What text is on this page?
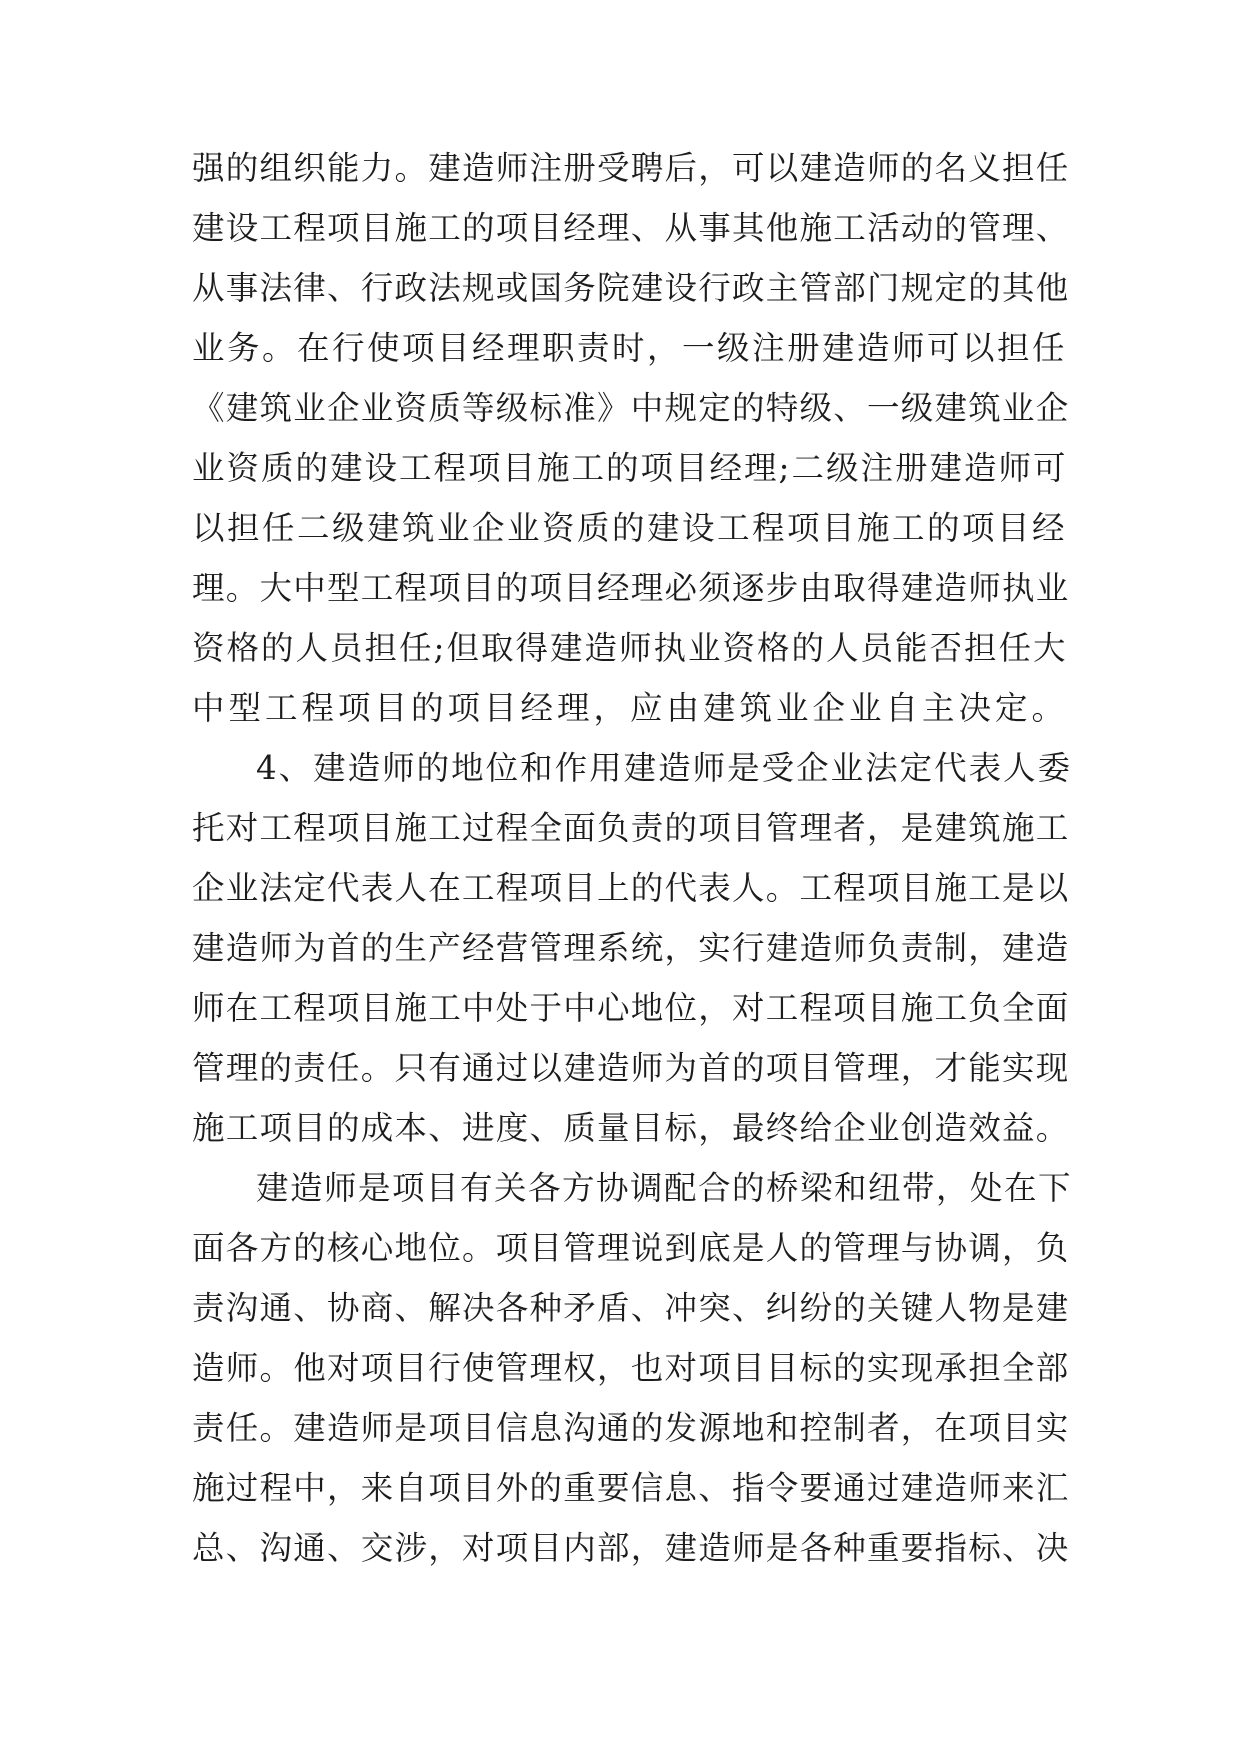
强的组织能力。建造师注册受聘后，可以建造师的名义担任
建设工程项目施工的项目经理、从事其他施工活动的管理、
从事法律、行政法规或国务院建设行政主管部门规定的其他
业务。在行使项目经理职责时，一级注册建造师可以担任
《建筑业企业资质等级标准》中规定的特级、一级建筑业企
业资质的建设工程项目施工的项目经理;二级注册建造师可
以担任二级建筑业企业资质的建设工程项目施工的项目经
理。大中型工程项目的项目经理必须逐步由取得建造师执业
资格的人员担任;但取得建造师执业资格的人员能否担任大
中型工程项目的项目经理，应由建筑业企业自主决定。
4、建造师的地位和作用建造师是受企业法定代表人委
托对工程项目施工过程全面负责的项目管理者，是建筑施工
企业法定代表人在工程项目上的代表人。工程项目施工是以
建造师为首的生产经营管理系统，实行建造师负责制，建造
师在工程项目施工中处于中心地位，对工程项目施工负全面
管理的责任。只有通过以建造师为首的项目管理，才能实现
施工项目的成本、进度、质量目标，最终给企业创造效益。
建造师是项目有关各方协调配合的桥梁和纽带，处在下
面各方的核心地位。项目管理说到底是人的管理与协调，负
责沟通、协商、解决各种矛盾、冲突、纠纷的关键人物是建
造师。他对项目行使管理权，也对项目目标的实现承担全部
责任。建造师是项目信息沟通的发源地和控制者，在项目实
施过程中，来自项目外的重要信息、指令要通过建造师来汇
总、沟通、交涉，对项目内部，建造师是各种重要指标、决
